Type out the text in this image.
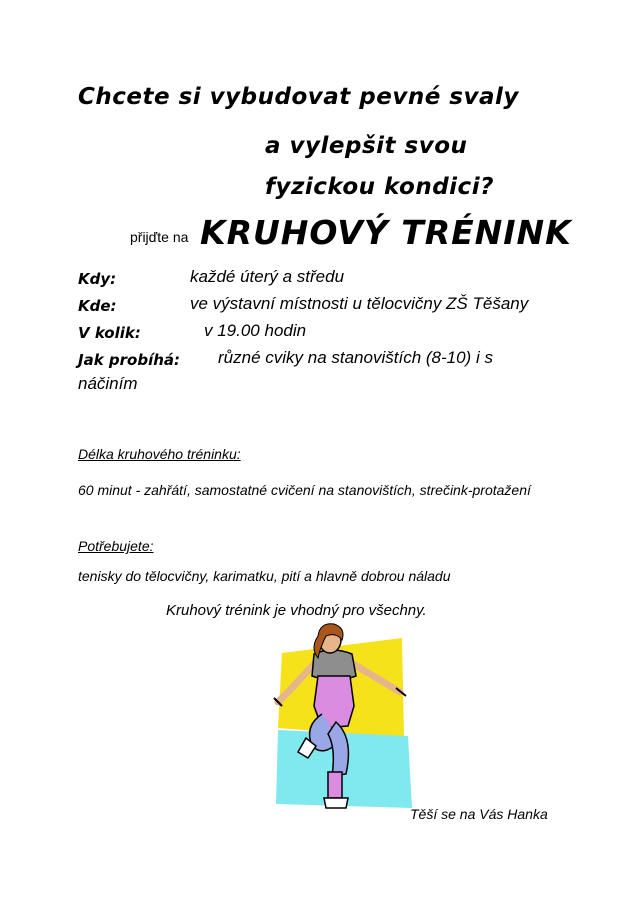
Chcete si vybudovat pevné svaly
a vylepšit svou
fyzickou kondici?
přijďte na KRUHOVÝ TRÉNINK
Kdy:	každé úterý a středu
Kde:	ve výstavní místnosti u tělocvičny ZŠ Těšany
V kolik:	v 19.00 hodin
Jak probíhá: různé cviky na stanovištích (8-10) i s
náčiním
Délka kruhového tréninku:
60 minut - zahřátí, samostatné cvičení na stanovištích, strečink-protažení
Potřebujete:
tenisky do tělocvičny, karimatku, pití a hlavně dobrou náladu
Kruhový trénink je vhodný pro všechny.
Těší se na Vás Hanka
